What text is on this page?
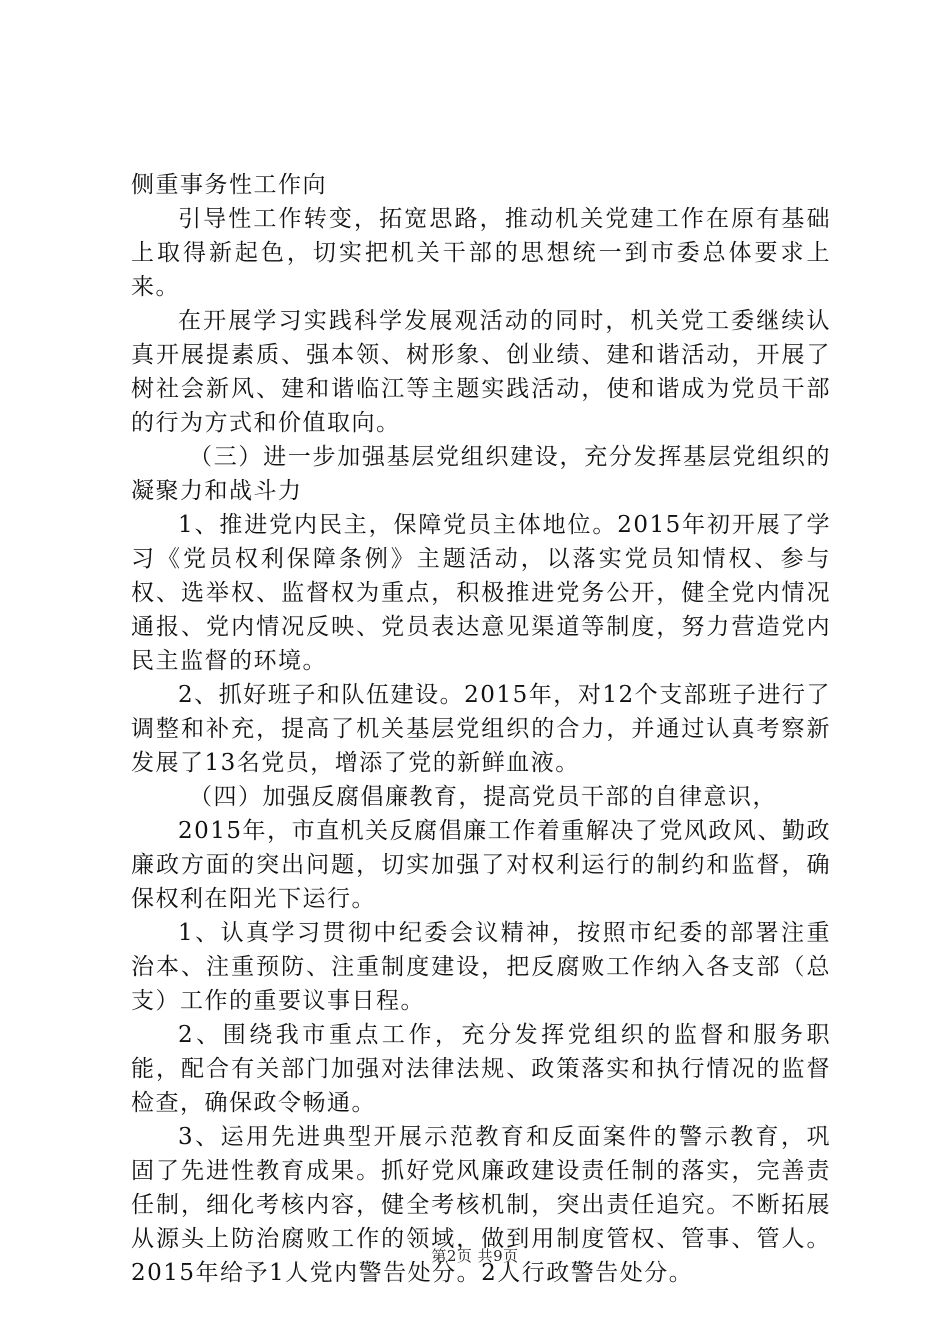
侧重事务性工作向

引导性工作转变，拓宽思路，推动机关党建工作在原有基础上取得新起色，切实把机关干部的思想统一到市委总体要求上来。

在开展学习实践科学发展观活动的同时，机关党工委继续认真开展提素质、强本领、树形象、创业绩、建和谐活动，开展了树社会新风、建和谐临江等主题实践活动，使和谐成为党员干部的行为方式和价值取向。

（三）进一步加强基层党组织建设，充分发挥基层党组织的凝聚力和战斗力

1、推进党内民主，保障党员主体地位。2015年初开展了学习《党员权利保障条例》主题活动，以落实党员知情权、参与权、选举权、监督权为重点，积极推进党务公开，健全党内情况通报、党内情况反映、党员表达意见渠道等制度，努力营造党内民主监督的环境。

2、抓好班子和队伍建设。2015年，对12个支部班子进行了调整和补充，提高了机关基层党组织的合力，并通过认真考察新发展了13名党员，增添了党的新鲜血液。

（四）加强反腐倡廉教育，提高党员干部的自律意识，

2015年，市直机关反腐倡廉工作着重解决了党风政风、勤政廉政方面的突出问题，切实加强了对权利运行的制约和监督，确保权利在阳光下运行。

1、认真学习贯彻中纪委会议精神，按照市纪委的部署注重治本、注重预防、注重制度建设，把反腐败工作纳入各支部（总支）工作的重要议事日程。

2、围绕我市重点工作，充分发挥党组织的监督和服务职能，配合有关部门加强对法律法规、政策落实和执行情况的监督检查，确保政令畅通。

3、运用先进典型开展示范教育和反面案件的警示教育，巩固了先进性教育成果。抓好党风廉政建设责任制的落实，完善责任制，细化考核内容，健全考核机制，突出责任追究。不断拓展从源头上防治腐败工作的领域，做到用制度管权、管事、管人。2015年给予1人党内警告处分。2人行政警告处分。

第2页 共9页
